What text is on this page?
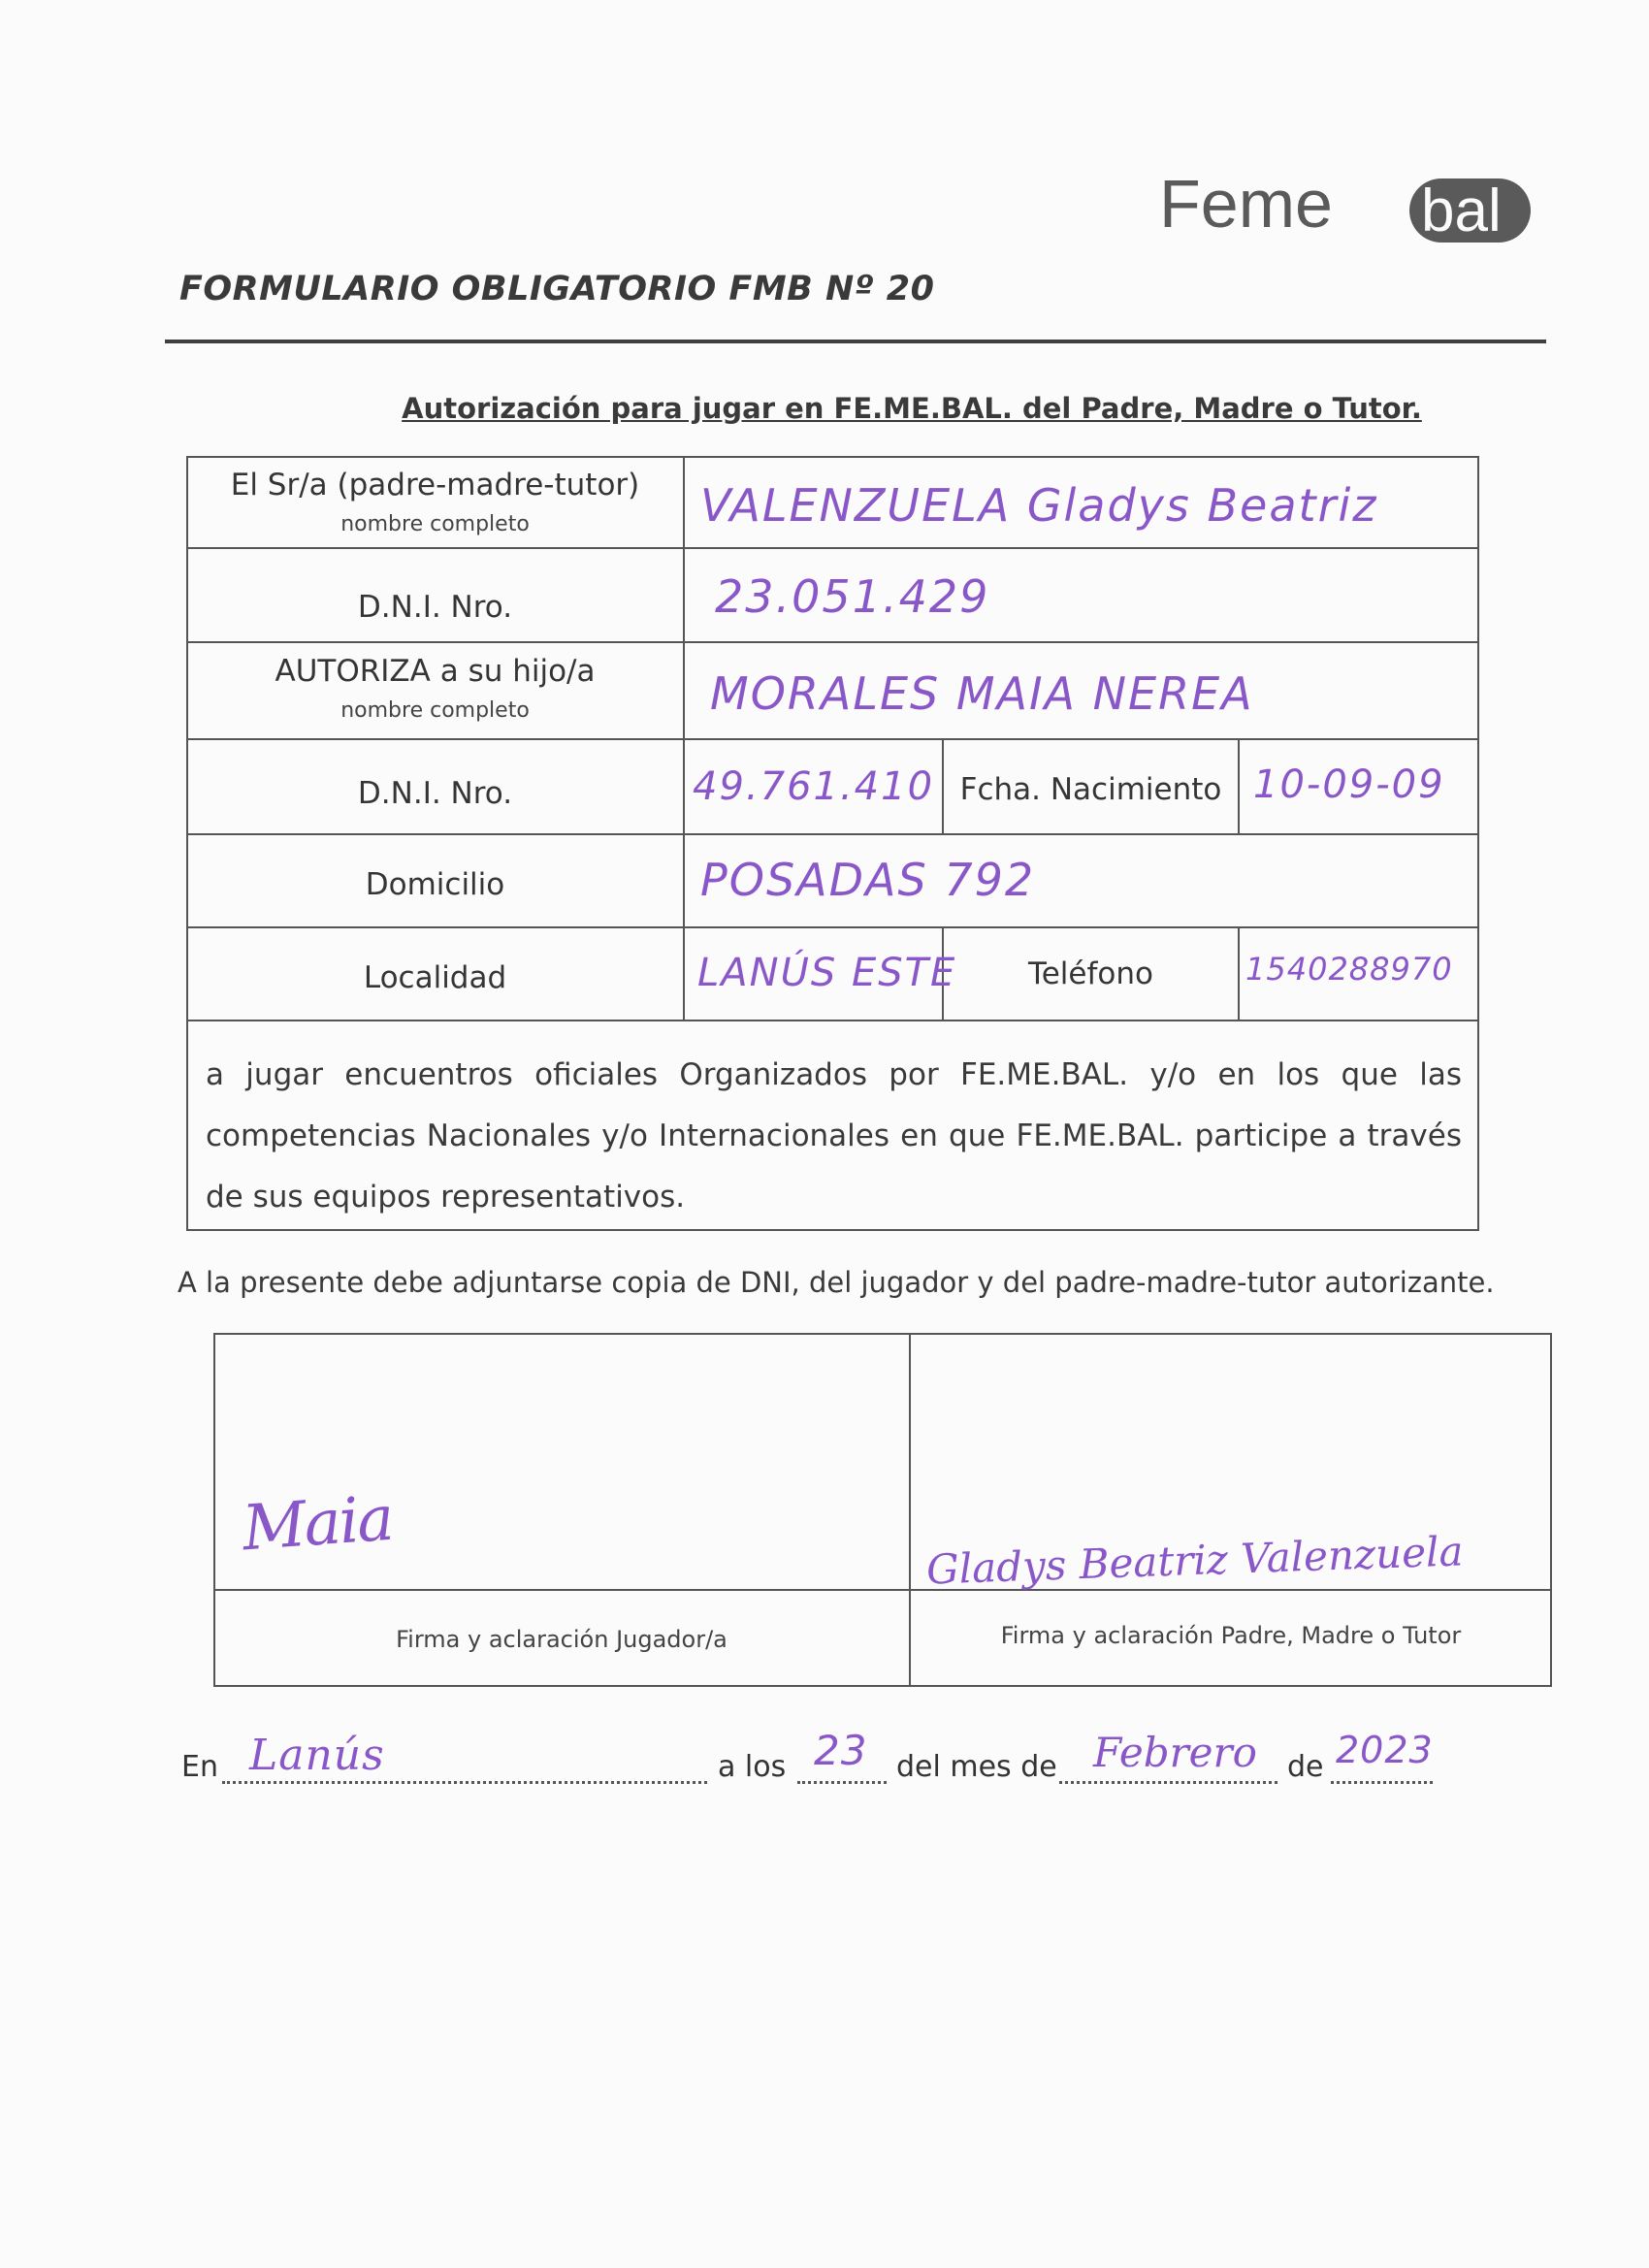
Feme bal
FORMULARIO OBLIGATORIO FMB Nº 20
Autorización para jugar en FE.ME.BAL. del Padre, Madre o Tutor.
El Sr/a (padre-madre-tutor)
nombre completo	VALENZUELA Gladys Beatriz
D.N.I. Nro.	23.051.429
AUTORIZA a su hijo/a
nombre completo	MORALES MAIA NEREA
D.N.I. Nro.	49.761.410 Fcha. Nacimiento 10-09-09
Domicilio	POSADAS 792
Localidad	LANÚS ESTE	Teléfono	1540288970
a jugar encuentros oficiales Organizados por FE.ME.BAL. y/o en los que las competencias Nacionales y/o Internacionales en que FE.ME.BAL. participe a través de sus equipos representativos.
A la presente debe adjuntarse copia de DNI, del jugador y del padre-madre-tutor autorizante.
Maia	Gladys Beatriz Valenzuela
Firma y aclaración Jugador/a	Firma y aclaración Padre, Madre o Tutor
En Lanús	a los 23 del mes de Febrero de 2023
